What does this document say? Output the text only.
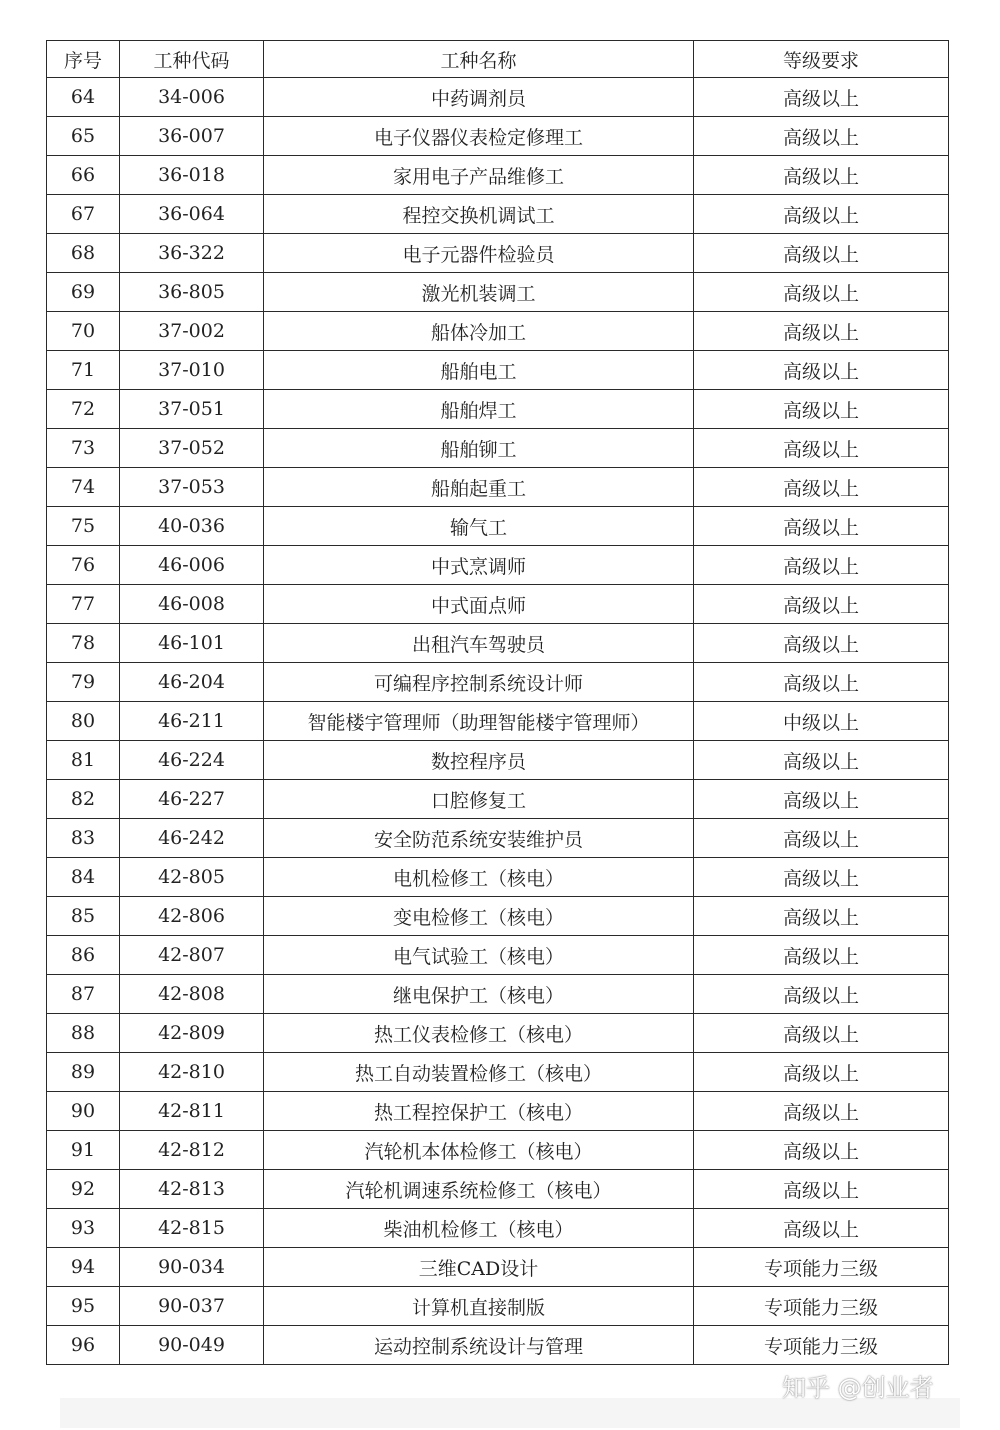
序号	工种代码	工种名称	等级要求
64	34-006	中药调剂员	高级以上
65	36-007	电子仪器仪表检定修理工	高级以上
66	36-018	家用电子产品维修工	高级以上
67	36-064	程控交换机调试工	高级以上
68	36-322	电子元器件检验员	高级以上
69	36-805	激光机装调工	高级以上
70	37-002	船体冷加工	高级以上
71	37-010	船舶电工	高级以上
72	37-051	船舶焊工	高级以上
73	37-052	船舶铆工	高级以上
74	37-053	船舶起重工	高级以上
75	40-036	输气工	高级以上
76	46-006	中式烹调师	高级以上
77	46-008	中式面点师	高级以上
78	46-101	出租汽车驾驶员	高级以上
79	46-204	可编程序控制系统设计师	高级以上
80	46-211	智能楼宇管理师（助理智能楼宇管理师）	中级以上
81	46-224	数控程序员	高级以上
82	46-227	口腔修复工	高级以上
83	46-242	安全防范系统安装维护员	高级以上
84	42-805	电机检修工（核电）	高级以上
85	42-806	变电检修工（核电）	高级以上
86	42-807	电气试验工（核电）	高级以上
87	42-808	继电保护工（核电）	高级以上
88	42-809	热工仪表检修工（核电）	高级以上
89	42-810	热工自动装置检修工（核电）	高级以上
90	42-811	热工程控保护工（核电）	高级以上
91	42-812	汽轮机本体检修工（核电）	高级以上
92	42-813	汽轮机调速系统检修工（核电）	高级以上
93	42-815	柴油机检修工（核电）	高级以上
94	90-034	三维CAD设计	专项能力三级
95	90-037	计算机直接制版	专项能力三级
96	90-049	运动控制系统设计与管理	专项能力三级
知乎 @创业者
